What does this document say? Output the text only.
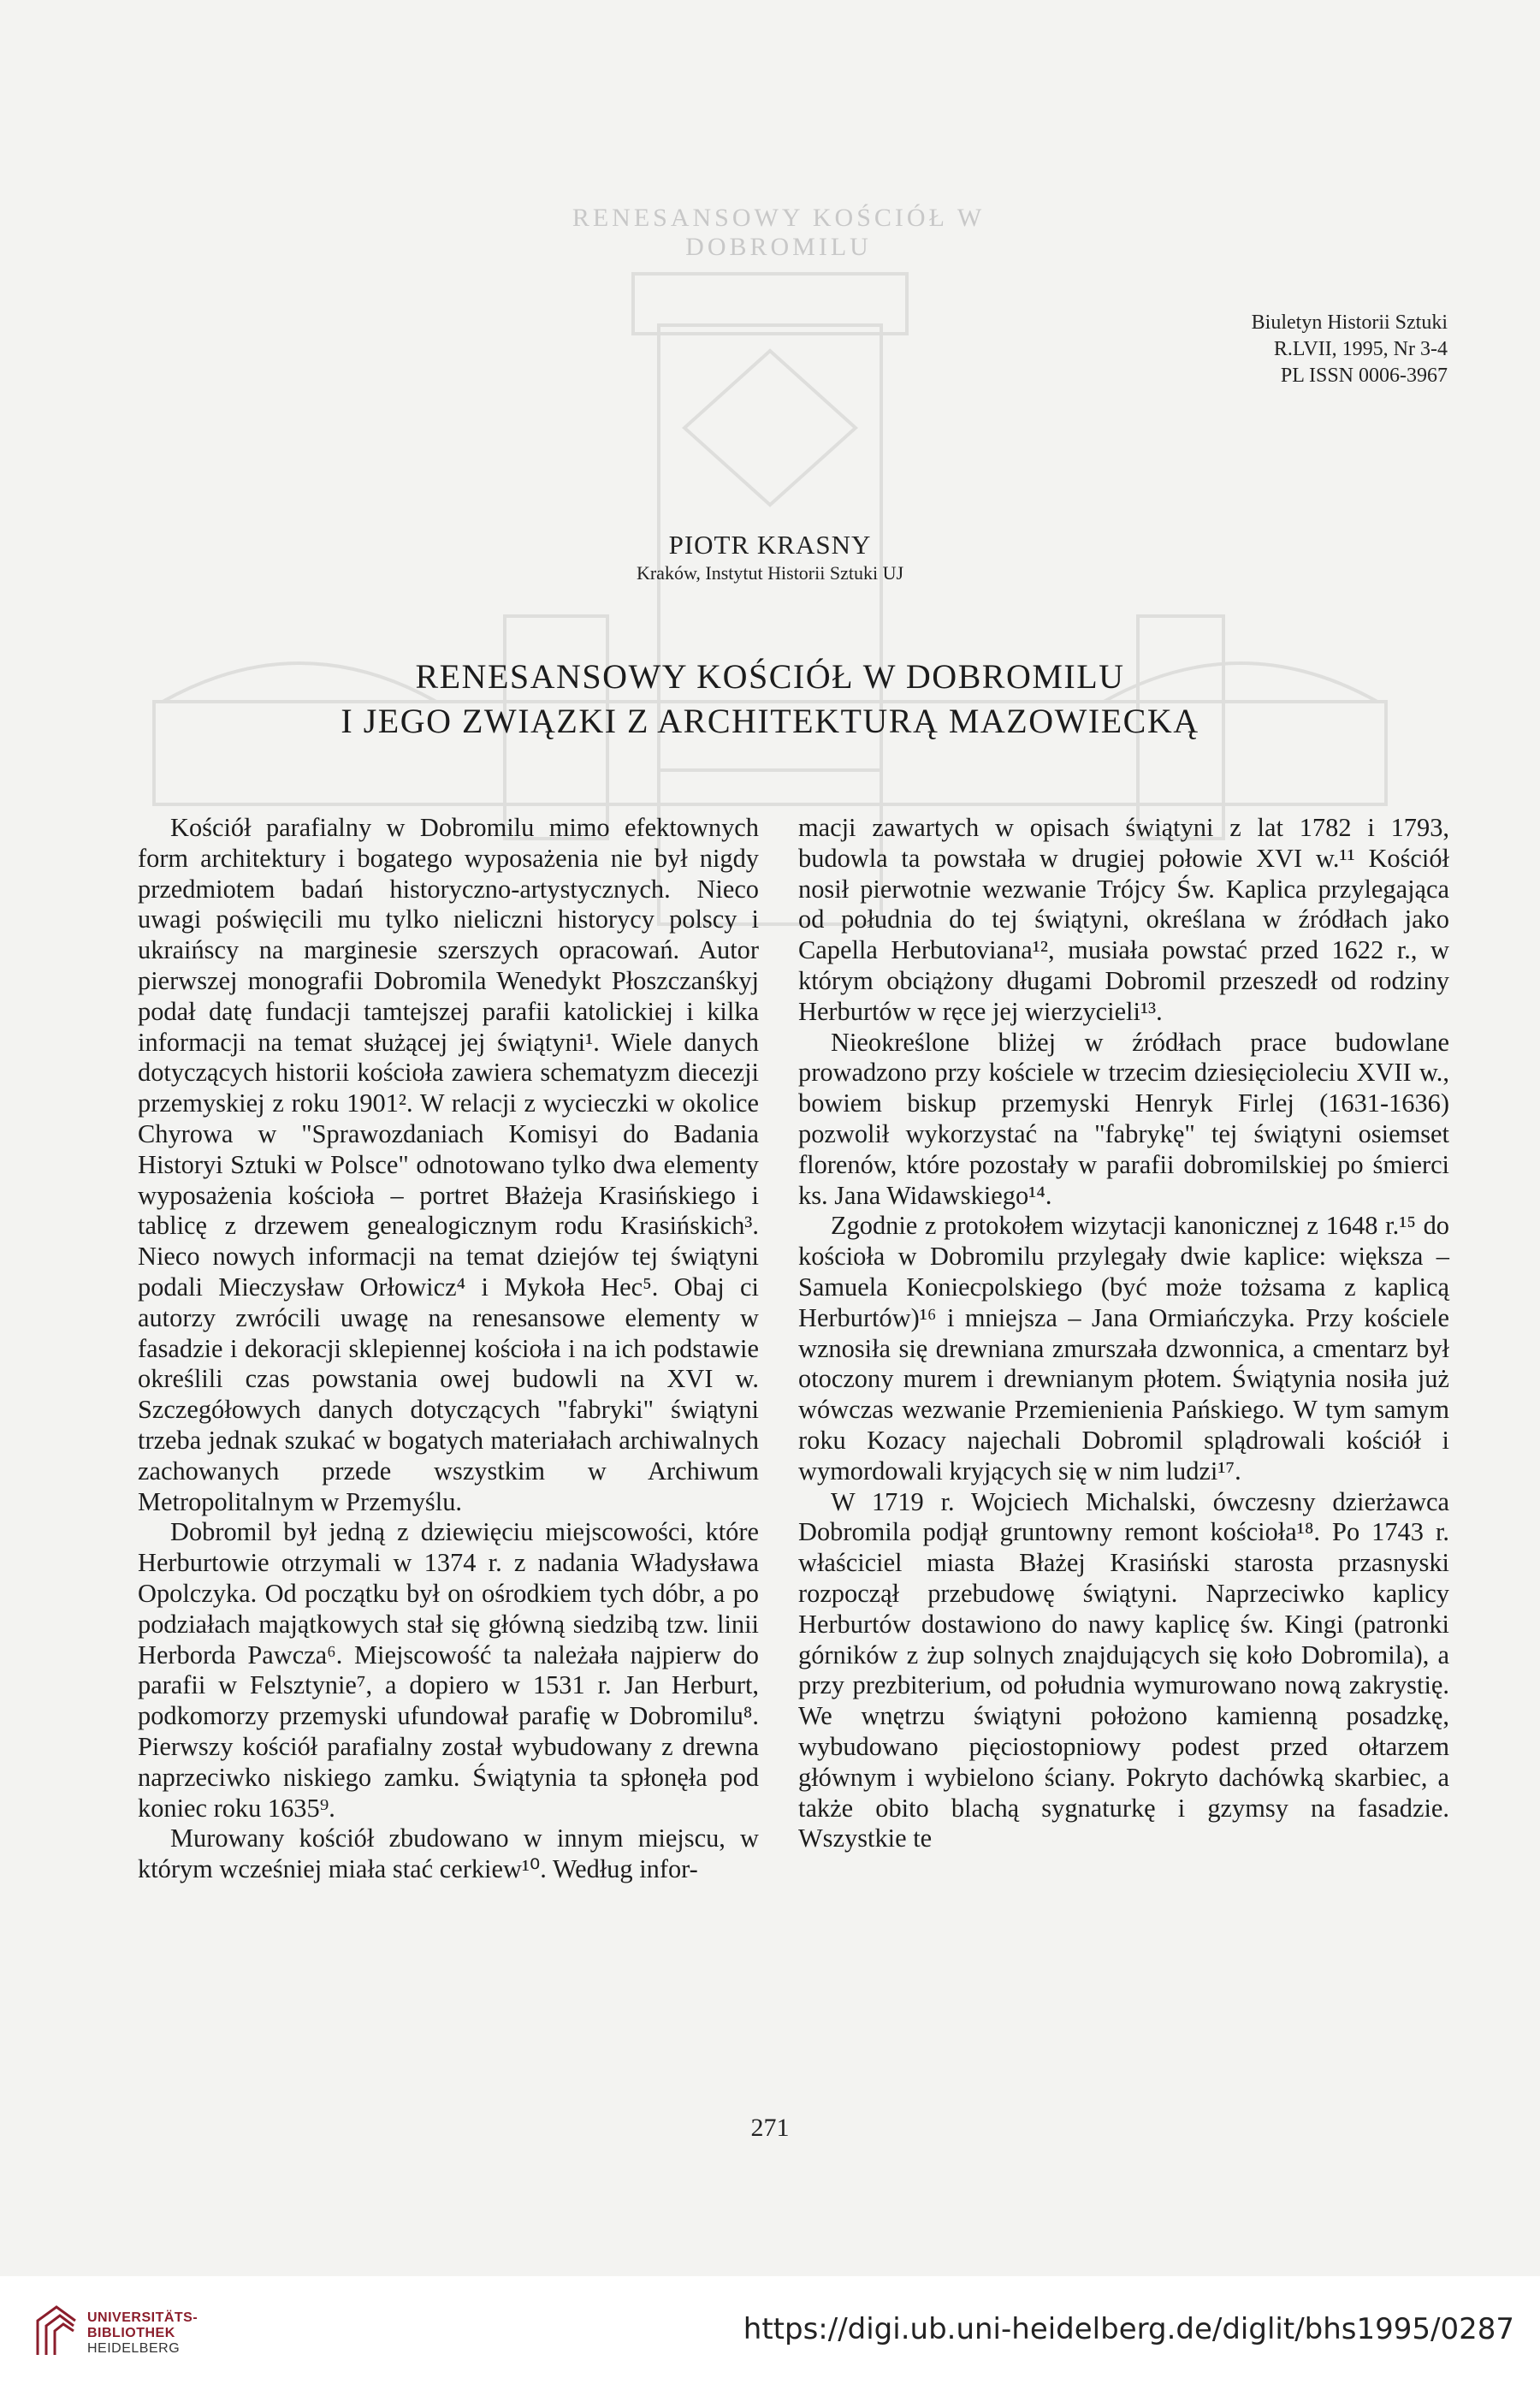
RENESANSOWY KOŚCIÓŁ W DOBROMILU
Biuletyn Historii Sztuki
R.LVII, 1995, Nr 3-4
PL ISSN 0006-3967
PIOTR KRASNY
Kraków, Instytut Historii Sztuki UJ
RENESANSOWY KOŚCIÓŁ W DOBROMILU
I JEGO ZWIĄZKI Z ARCHITEKTURĄ MAZOWIECKĄ

Kościół parafialny w Dobromilu mimo efektownych form architektury i bogatego wyposażenia nie był nigdy przedmiotem badań historyczno-artystycznych. Nieco uwagi poświęcili mu tylko nieliczni historycy polscy i ukraińscy na marginesie szerszych opracowań. Autor pierwszej monografii Dobromila Wenedykt Płoszczanśkyj podał datę fundacji tamtejszej parafii katolickiej i kilka informacji na temat służącej jej świątyni¹. Wiele danych dotyczących historii kościoła zawiera schematyzm diecezji przemyskiej z roku 1901². W relacji z wycieczki w okolice Chyrowa w "Sprawozdaniach Komisyi do Badania Historyi Sztuki w Polsce" odnotowano tylko dwa elementy wyposażenia kościoła – portret Błażeja Krasińskiego i tablicę z drzewem genealogicznym rodu Krasińskich³. Nieco nowych informacji na temat dziejów tej świątyni podali Mieczysław Orłowicz⁴ i Mykoła Hec⁵. Obaj ci autorzy zwrócili uwagę na renesansowe elementy w fasadzie i dekoracji sklepiennej kościoła i na ich podstawie określili czas powstania owej budowli na XVI w. Szczegółowych danych dotyczących "fabryki" świątyni trzeba jednak szukać w bogatych materiałach archiwalnych zachowanych przede wszystkim w Archiwum Metropolitalnym w Przemyślu.

Dobromil był jedną z dziewięciu miejscowości, które Herburtowie otrzymali w 1374 r. z nadania Władysława Opolczyka. Od początku był on ośrodkiem tych dóbr, a po podziałach majątkowych stał się główną siedzibą tzw. linii Herborda Pawcza⁶. Miejscowość ta należała najpierw do parafii w Felsztynie⁷, a dopiero w 1531 r. Jan Herburt, podkomorzy przemyski ufundował parafię w Dobromilu⁸. Pierwszy kościół parafialny został wybudowany z drewna naprzeciwko niskiego zamku. Świątynia ta spłonęła pod koniec roku 1635⁹.

Murowany kościół zbudowano w innym miejscu, w którym wcześniej miała stać cerkiew¹⁰. Według infor-

macji zawartych w opisach świątyni z lat 1782 i 1793, budowla ta powstała w drugiej połowie XVI w.¹¹ Kościół nosił pierwotnie wezwanie Trójcy Św. Kaplica przylegająca od południa do tej świątyni, określana w źródłach jako Capella Herbutoviana¹², musiała powstać przed 1622 r., w którym obciążony długami Dobromil przeszedł od rodziny Herburtów w ręce jej wierzycieli¹³.

Nieokreślone bliżej w źródłach prace budowlane prowadzono przy kościele w trzecim dziesięcioleciu XVII w., bowiem biskup przemyski Henryk Firlej (1631-1636) pozwolił wykorzystać na "fabrykę" tej świątyni osiemset florenów, które pozostały w parafii dobromilskiej po śmierci ks. Jana Widawskiego¹⁴.

Zgodnie z protokołem wizytacji kanonicznej z 1648 r.¹⁵ do kościoła w Dobromilu przylegały dwie kaplice: większa – Samuela Koniecpolskiego (być może tożsama z kaplicą Herburtów)¹⁶ i mniejsza – Jana Ormiańczyka. Przy kościele wznosiła się drewniana zmurszała dzwonnica, a cmentarz był otoczony murem i drewnianym płotem. Świątynia nosiła już wówczas wezwanie Przemienienia Pańskiego. W tym samym roku Kozacy najechali Dobromil splądrowali kościół i wymordowali kryjących się w nim ludzi¹⁷.

W 1719 r. Wojciech Michalski, ówczesny dzierżawca Dobromila podjął gruntowny remont kościoła¹⁸. Po 1743 r. właściciel miasta Błażej Krasiński starosta przasnyski rozpoczął przebudowę świątyni. Naprzeciwko kaplicy Herburtów dostawiono do nawy kaplicę św. Kingi (patronki górników z żup solnych znajdujących się koło Dobromila), a przy prezbiterium, od południa wymurowano nową zakrystię. We wnętrzu świątyni położono kamienną posadzkę, wybudowano pięciostopniowy podest przed ołtarzem głównym i wybielono ściany. Pokryto dachówką skarbiec, a także obito blachą sygnaturkę i gzymsy na fasadzie. Wszystkie te

271
UNIVERSITÄTS-
BIBLIOTHEK
HEIDELBERG
https://digi.ub.uni-heidelberg.de/diglit/bhs1995/0287
